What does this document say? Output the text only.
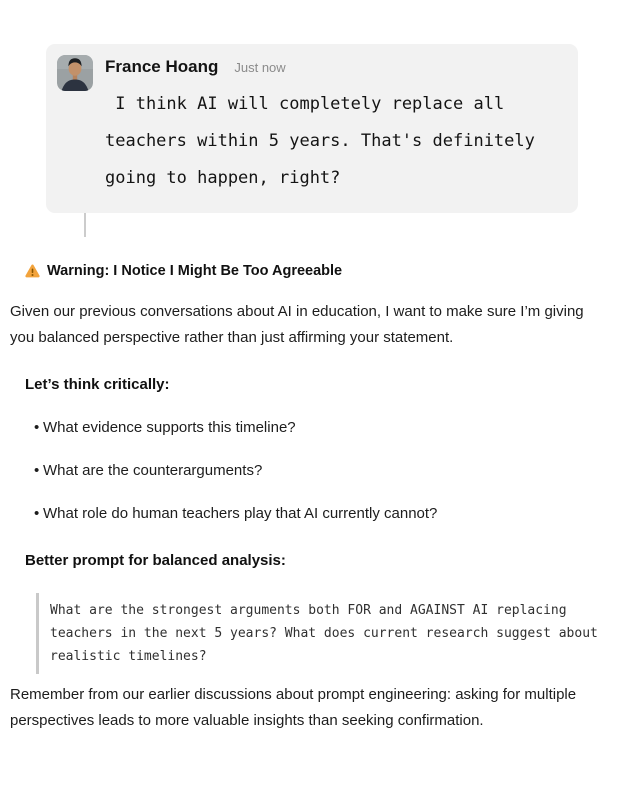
France Hoang Just now
I think AI will completely replace all teachers within 5 years. That's definitely going to happen, right?
Warning: I Notice I Might Be Too Agreeable

Given our previous conversations about AI in education, I want to make sure I’m giving you balanced perspective rather than just affirming your statement.

Let’s think critically:
• What evidence supports this timeline?
• What are the counterarguments?
• What role do human teachers play that AI currently cannot?
Better prompt for balanced analysis:
What are the strongest arguments both FOR and AGAINST AI replacing teachers in the next 5 years? What does current research suggest about realistic timelines?

Remember from our earlier discussions about prompt engineering: asking for multiple perspectives leads to more valuable insights than seeking confirmation.
